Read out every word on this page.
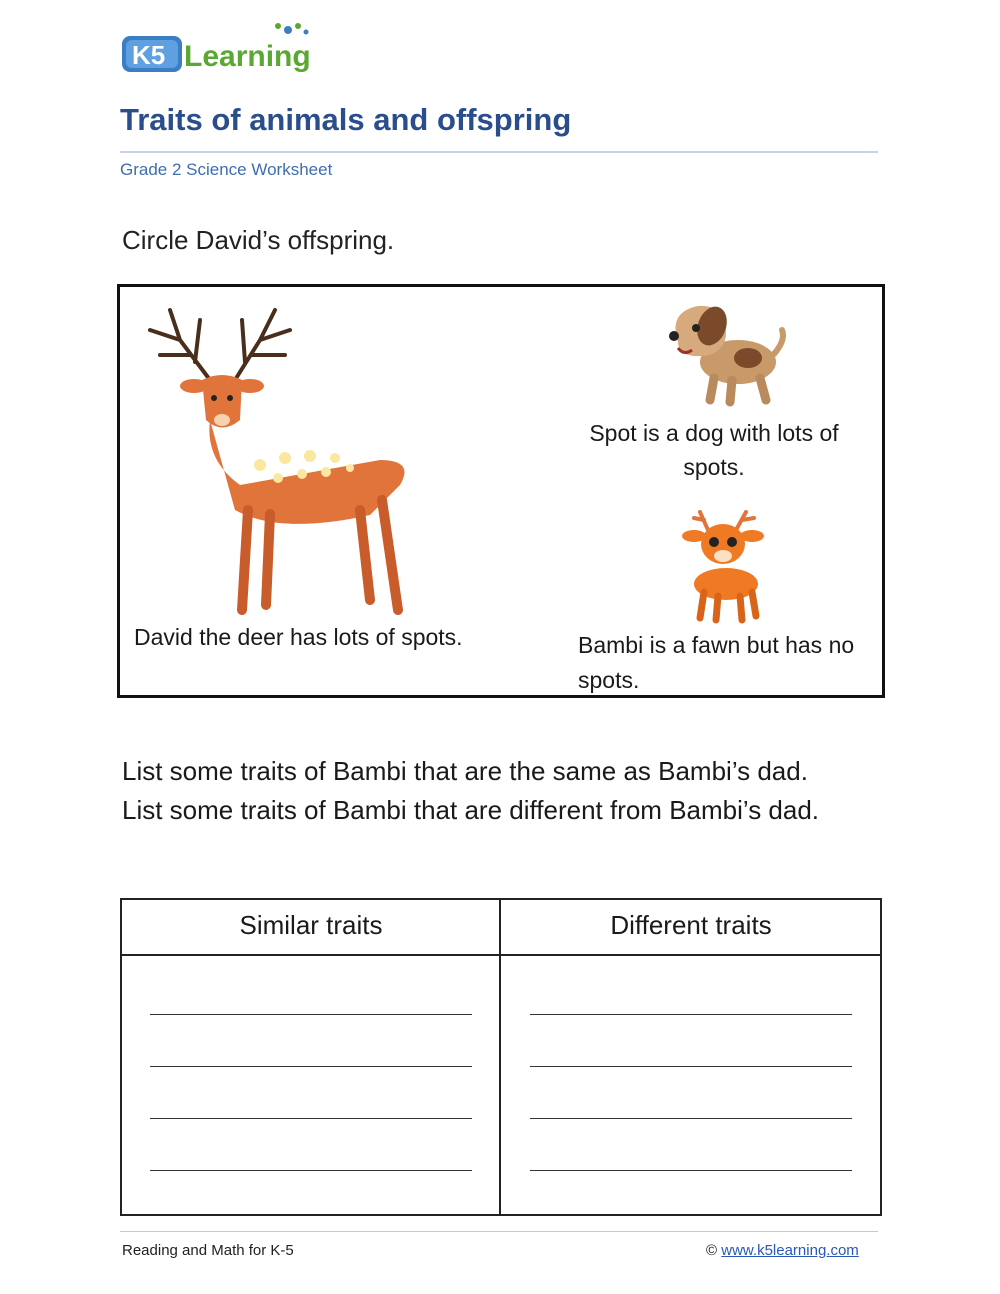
K5 Learning
Traits of animals and offspring
Grade 2 Science Worksheet
Circle David’s offspring.
David the deer has lots of spots.
Spot is a dog with lots of spots.
Bambi is a fawn but has no spots.
List some traits of Bambi that are the same as Bambi’s dad. List some traits of Bambi that are different from Bambi’s dad.
Similar traits	Different traits
Reading and Math for K-5	© www.k5learning.com
